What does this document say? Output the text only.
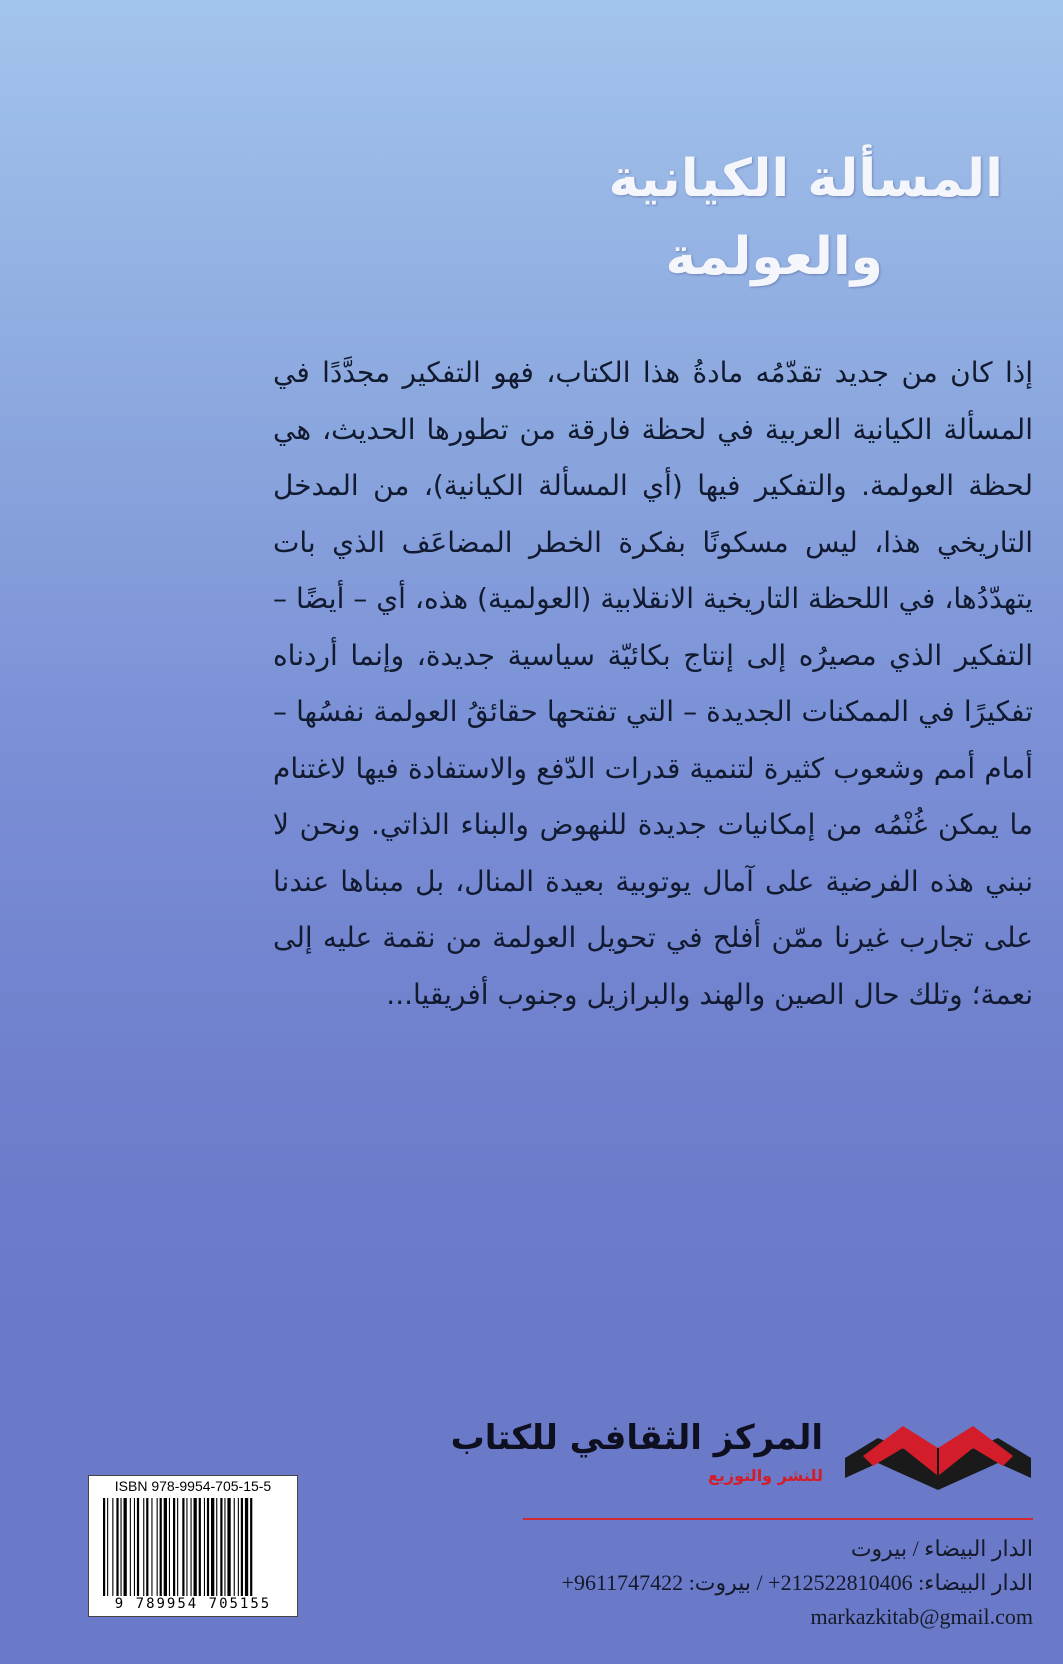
المسألة الكيانية
والعولمة
إذا كان من جديد تقدّمُه مادةُ هذا الكتاب، فهو التفكير مجدَّدًا في المسألة الكيانية العربية في لحظة فارقة من تطورها الحديث، هي لحظة العولمة. والتفكير فيها (أي المسألة الكيانية)، من المدخل التاريخي هذا، ليس مسكونًا بفكرة الخطر المضاعَف الذي بات يتهدّدُها، في اللحظة التاريخية الانقلابية (العولمية) هذه، أي – أيضًا – التفكير الذي مصيرُه إلى إنتاج بكائيّة سياسية جديدة، وإنما أردناه تفكيرًا في الممكنات الجديدة – التي تفتحها حقائقُ العولمة نفسُها – أمام أمم وشعوب كثيرة لتنمية قدرات الدّفع والاستفادة فيها لاغتنام ما يمكن غُنْمُه من إمكانيات جديدة للنهوض والبناء الذاتي. ونحن لا نبني هذه الفرضية على آمال يوتوبية بعيدة المنال، بل مبناها عندنا على تجارب غيرنا ممّن أفلح في تحويل العولمة من نقمة عليه إلى نعمة؛ وتلك حال الصين والهند والبرازيل وجنوب أفريقيا...
المركز الثقافي للكتاب
للنشر والتوزيع
الدار البيضاء / بيروت
الدار البيضاء: 212522810406+ / بيروت: 9611747422+
markazkitab@gmail.com
ISBN 978-9954-705-15-5
9 789954 705155
